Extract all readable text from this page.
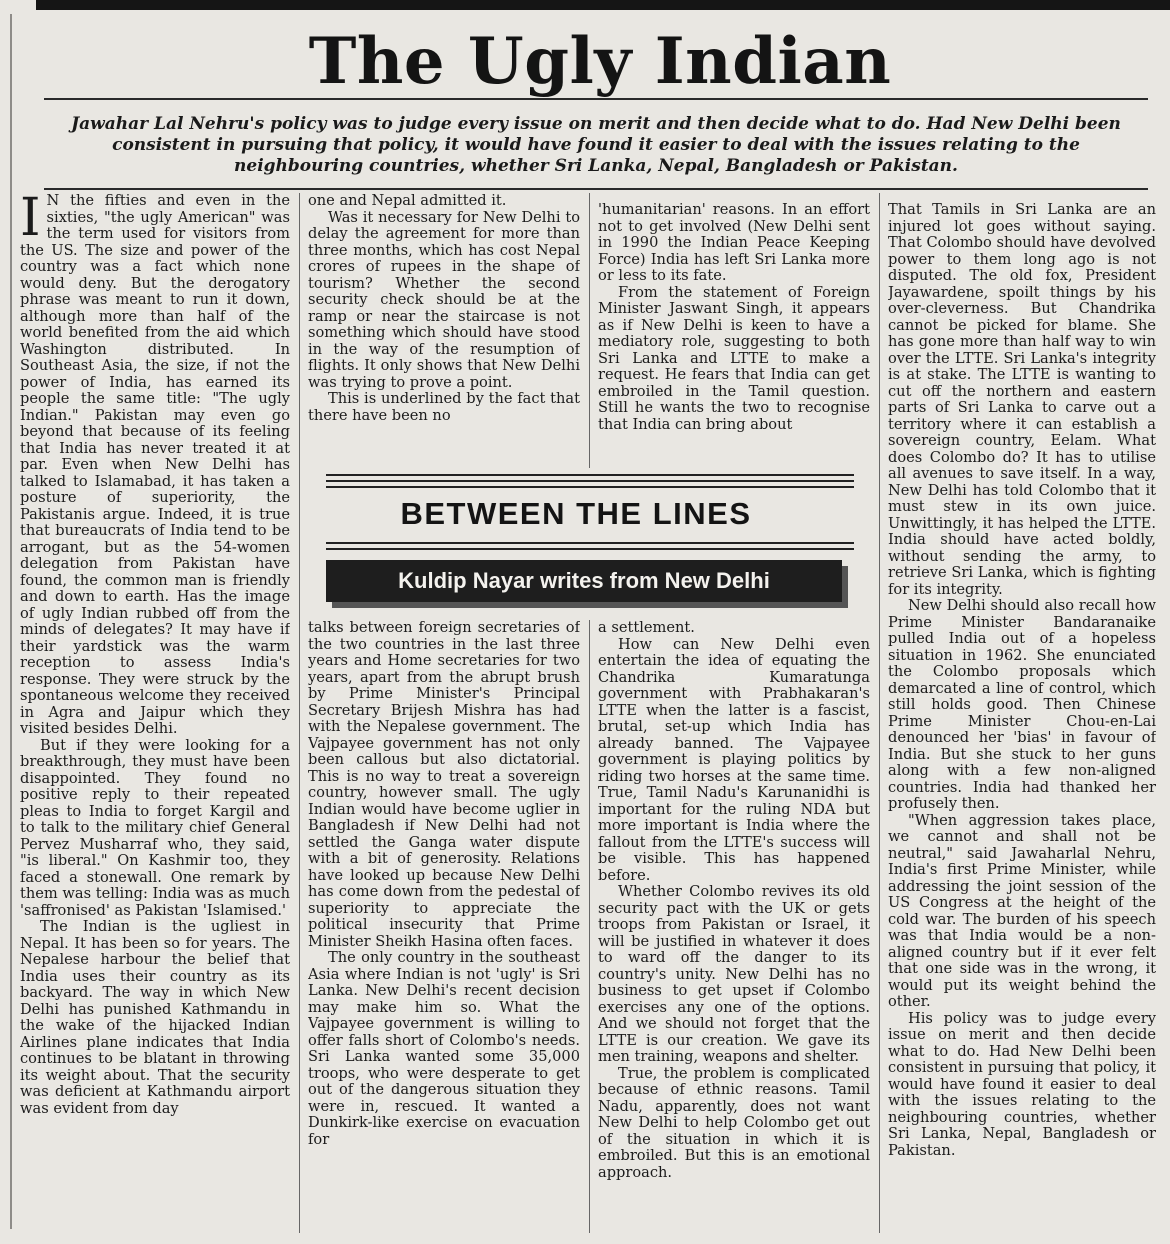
The Ugly Indian

Jawahar Lal Nehru's policy was to judge every issue on merit and then decide what to do. Had New Delhi been consistent in pursuing that policy, it would have found it easier to deal with the issues relating to the neighbouring countries, whether Sri Lanka, Nepal, Bangladesh or Pakistan.

I N the fifties and even in the sixties, "the ugly American" was the term used for visitors from the US. The size and power of the country was a fact which none would deny. But the derogatory phrase was meant to run it down, although more than half of the world benefited from the aid which Washington distributed. In Southeast Asia, the size, if not the power of India, has earned its people the same title: "The ugly Indian." Pakistan may even go beyond that because of its feeling that India has never treated it at par. Even when New Delhi has talked to Islamabad, it has taken a posture of superiority, the Pakistanis argue. Indeed, it is true that bureaucrats of India tend to be arrogant, but as the 54-women delegation from Pakistan have found, the common man is friendly and down to earth. Has the image of ugly Indian rubbed off from the minds of delegates? It may have if their yardstick was the warm reception to assess India's response. They were struck by the spontaneous welcome they received in Agra and Jaipur which they visited besides Delhi.

But if they were looking for a breakthrough, they must have been disappointed. They found no positive reply to their repeated pleas to India to forget Kargil and to talk to the military chief General Pervez Musharraf who, they said, "is liberal." On Kashmir too, they faced a stonewall. One remark by them was telling: India was as much 'saffronised' as Pakistan 'Islamised.'

The Indian is the ugliest in Nepal. It has been so for years. The Nepalese harbour the belief that India uses their country as its backyard. The way in which New Delhi has punished Kathmandu in the wake of the hijacked Indian Airlines plane indicates that India continues to be blatant in throwing its weight about. That the security was deficient at Kathmandu airport was evident from day

one and Nepal admitted it.

Was it necessary for New Delhi to delay the agreement for more than three months, which has cost Nepal crores of rupees in the shape of tourism? Whether the second security check should be at the ramp or near the staircase is not something which should have stood in the way of the resumption of flights. It only shows that New Delhi was trying to prove a point.

This is underlined by the fact that there have been no

'humanitarian' reasons. In an effort not to get involved (New Delhi sent in 1990 the Indian Peace Keeping Force) India has left Sri Lanka more or less to its fate.

From the statement of Foreign Minister Jaswant Singh, it appears as if New Delhi is keen to have a mediatory role, suggesting to both Sri Lanka and LTTE to make a request. He fears that India can get embroiled in the Tamil question. Still he wants the two to recognise that India can bring about

BETWEEN THE LINES
Kuldip Nayar writes from New Delhi

talks between foreign secretaries of the two countries in the last three years and Home secretaries for two years, apart from the abrupt brush by Prime Minister's Principal Secretary Brijesh Mishra has had with the Nepalese government. The Vajpayee government has not only been callous but also dictatorial. This is no way to treat a sovereign country, however small. The ugly Indian would have become uglier in Bangladesh if New Delhi had not settled the Ganga water dispute with a bit of generosity. Relations have looked up because New Delhi has come down from the pedestal of superiority to appreciate the political insecurity that Prime Minister Sheikh Hasina often faces.

The only country in the southeast Asia where Indian is not 'ugly' is Sri Lanka. New Delhi's recent decision may make him so. What the Vajpayee government is willing to offer falls short of Colombo's needs. Sri Lanka wanted some 35,000 troops, who were desperate to get out of the dangerous situation they were in, rescued. It wanted a Dunkirk-like exercise on evacuation for

a settlement.

How can New Delhi even entertain the idea of equating the Chandrika Kumaratunga government with Prabhakaran's LTTE when the latter is a fascist, brutal, set-up which India has already banned. The Vajpayee government is playing politics by riding two horses at the same time. True, Tamil Nadu's Karunanidhi is important for the ruling NDA but more important is India where the fallout from the LTTE's success will be visible. This has happened before.

Whether Colombo revives its old security pact with the UK or gets troops from Pakistan or Israel, it will be justified in whatever it does to ward off the danger to its country's unity. New Delhi has no business to get upset if Colombo exercises any one of the options. And we should not forget that the LTTE is our creation. We gave its men training, weapons and shelter.

True, the problem is complicated because of ethnic reasons. Tamil Nadu, apparently, does not want New Delhi to help Colombo get out of the situation in which it is embroiled. But this is an emotional approach.

That Tamils in Sri Lanka are an injured lot goes without saying. That Colombo should have devolved power to them long ago is not disputed. The old fox, President Jayawardene, spoilt things by his over-cleverness. But Chandrika cannot be picked for blame. She has gone more than half way to win over the LTTE. Sri Lanka's integrity is at stake. The LTTE is wanting to cut off the northern and eastern parts of Sri Lanka to carve out a territory where it can establish a sovereign country, Eelam. What does Colombo do? It has to utilise all avenues to save itself. In a way, New Delhi has told Colombo that it must stew in its own juice. Unwittingly, it has helped the LTTE. India should have acted boldly, without sending the army, to retrieve Sri Lanka, which is fighting for its integrity.

New Delhi should also recall how Prime Minister Bandaranaike pulled India out of a hopeless situation in 1962. She enunciated the Colombo proposals which demarcated a line of control, which still holds good. Then Chinese Prime Minister Chou-en-Lai denounced her 'bias' in favour of India. But she stuck to her guns along with a few non-aligned countries. India had thanked her profusely then.

"When aggression takes place, we cannot and shall not be neutral," said Jawaharlal Nehru, India's first Prime Minister, while addressing the joint session of the US Congress at the height of the cold war. The burden of his speech was that India would be a non-aligned country but if it ever felt that one side was in the wrong, it would put its weight behind the other.

His policy was to judge every issue on merit and then decide what to do. Had New Delhi been consistent in pursuing that policy, it would have found it easier to deal with the issues relating to the neighbouring countries, whether Sri Lanka, Nepal, Bangladesh or Pakistan.
